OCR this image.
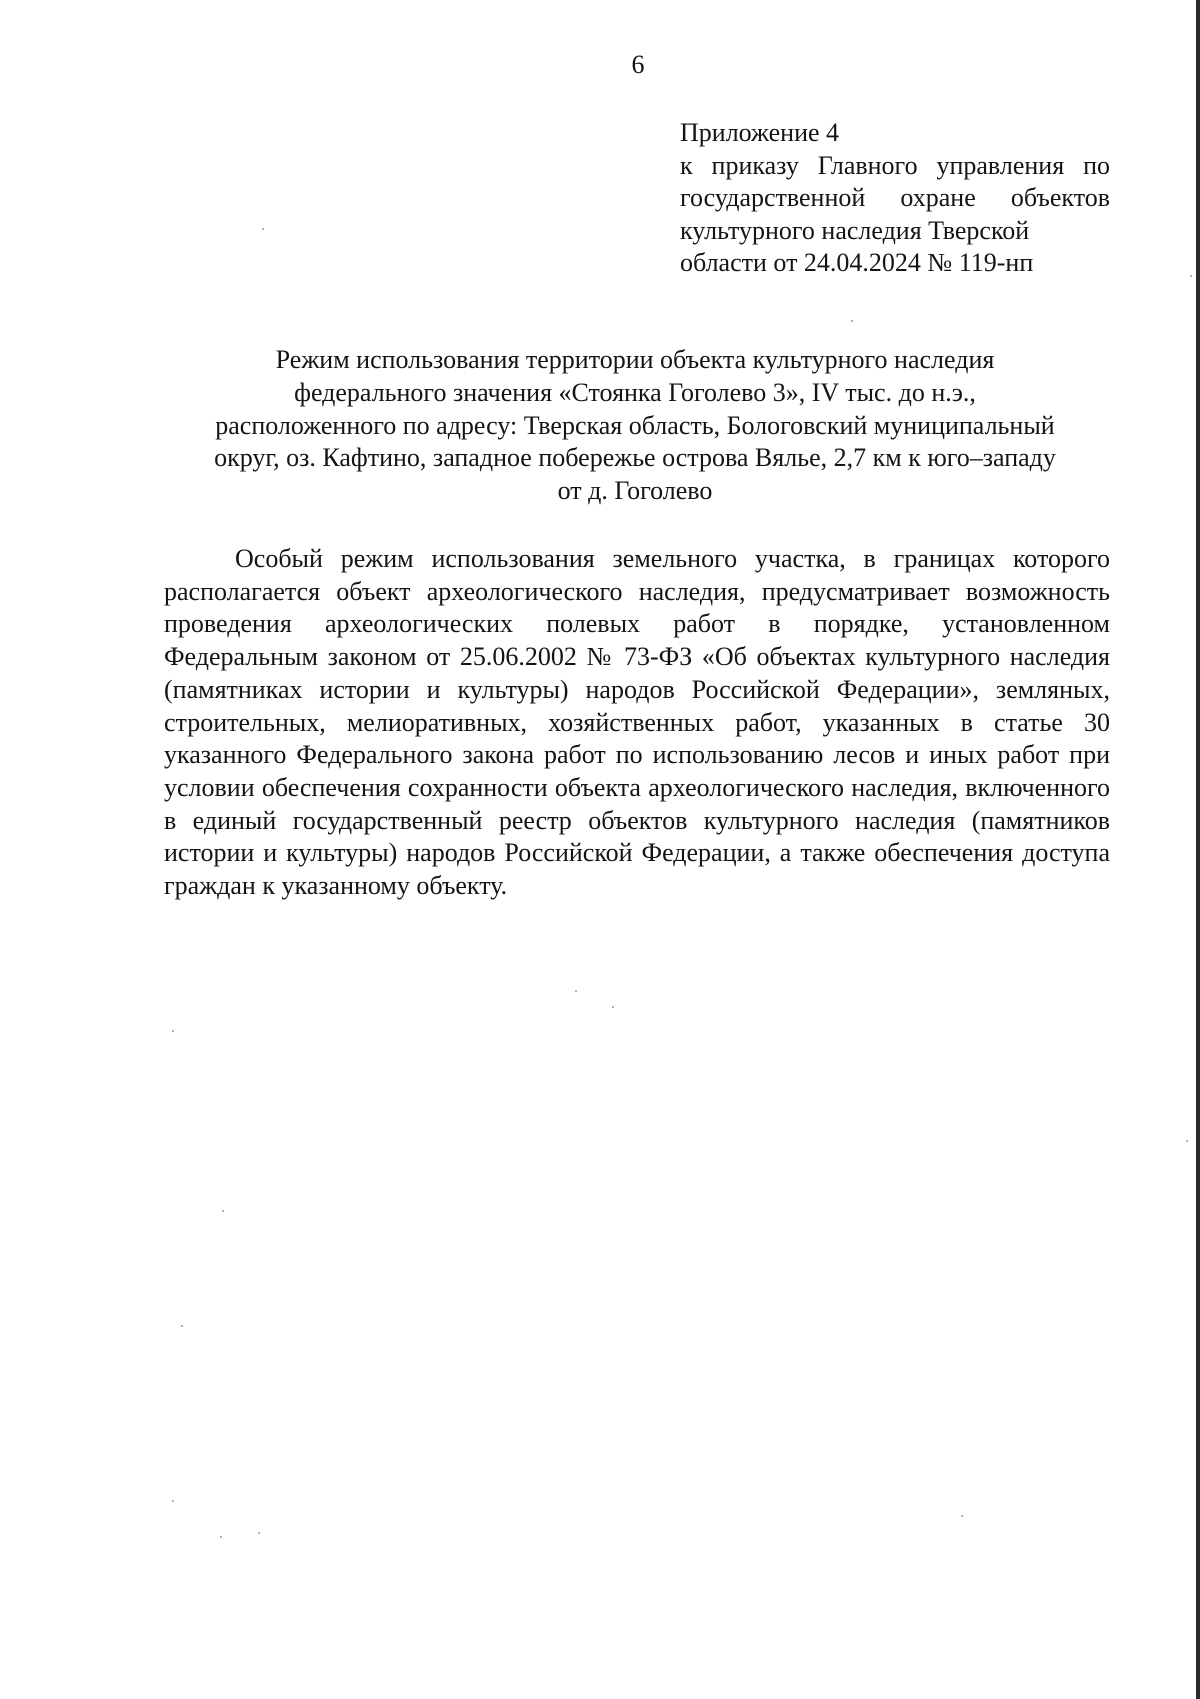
6
Приложение 4
к приказу Главного управления по государственной охране объектов культурного наследия Тверской
области от 24.04.2024 № 119-нп
Режим использования территории объекта культурного наследия
федерального значения «Стоянка Гоголево 3», IV тыс. до н.э.,
расположенного по адресу: Тверская область, Бологовский муниципальный
округ, оз. Кафтино, западное побережье острова Вялье, 2,7 км к юго–западу
от д. Гоголево

Особый режим использования земельного участка, в границах которого располагается объект археологического наследия, предусматривает возможность проведения археологических полевых работ в порядке, установленном Федеральным законом от 25.06.2002 № 73-ФЗ «Об объектах культурного наследия (памятниках истории и культуры) народов Российской Федерации», земляных, строительных, мелиоративных, хозяйственных работ, указанных в статье 30 указанного Федерального закона работ по использованию лесов и иных работ при условии обеспечения сохранности объекта археологического наследия, включенного в единый государственный реестр объектов культурного наследия (памятников истории и культуры) народов Российской Федерации, а также обеспечения доступа граждан к указанному объекту.
